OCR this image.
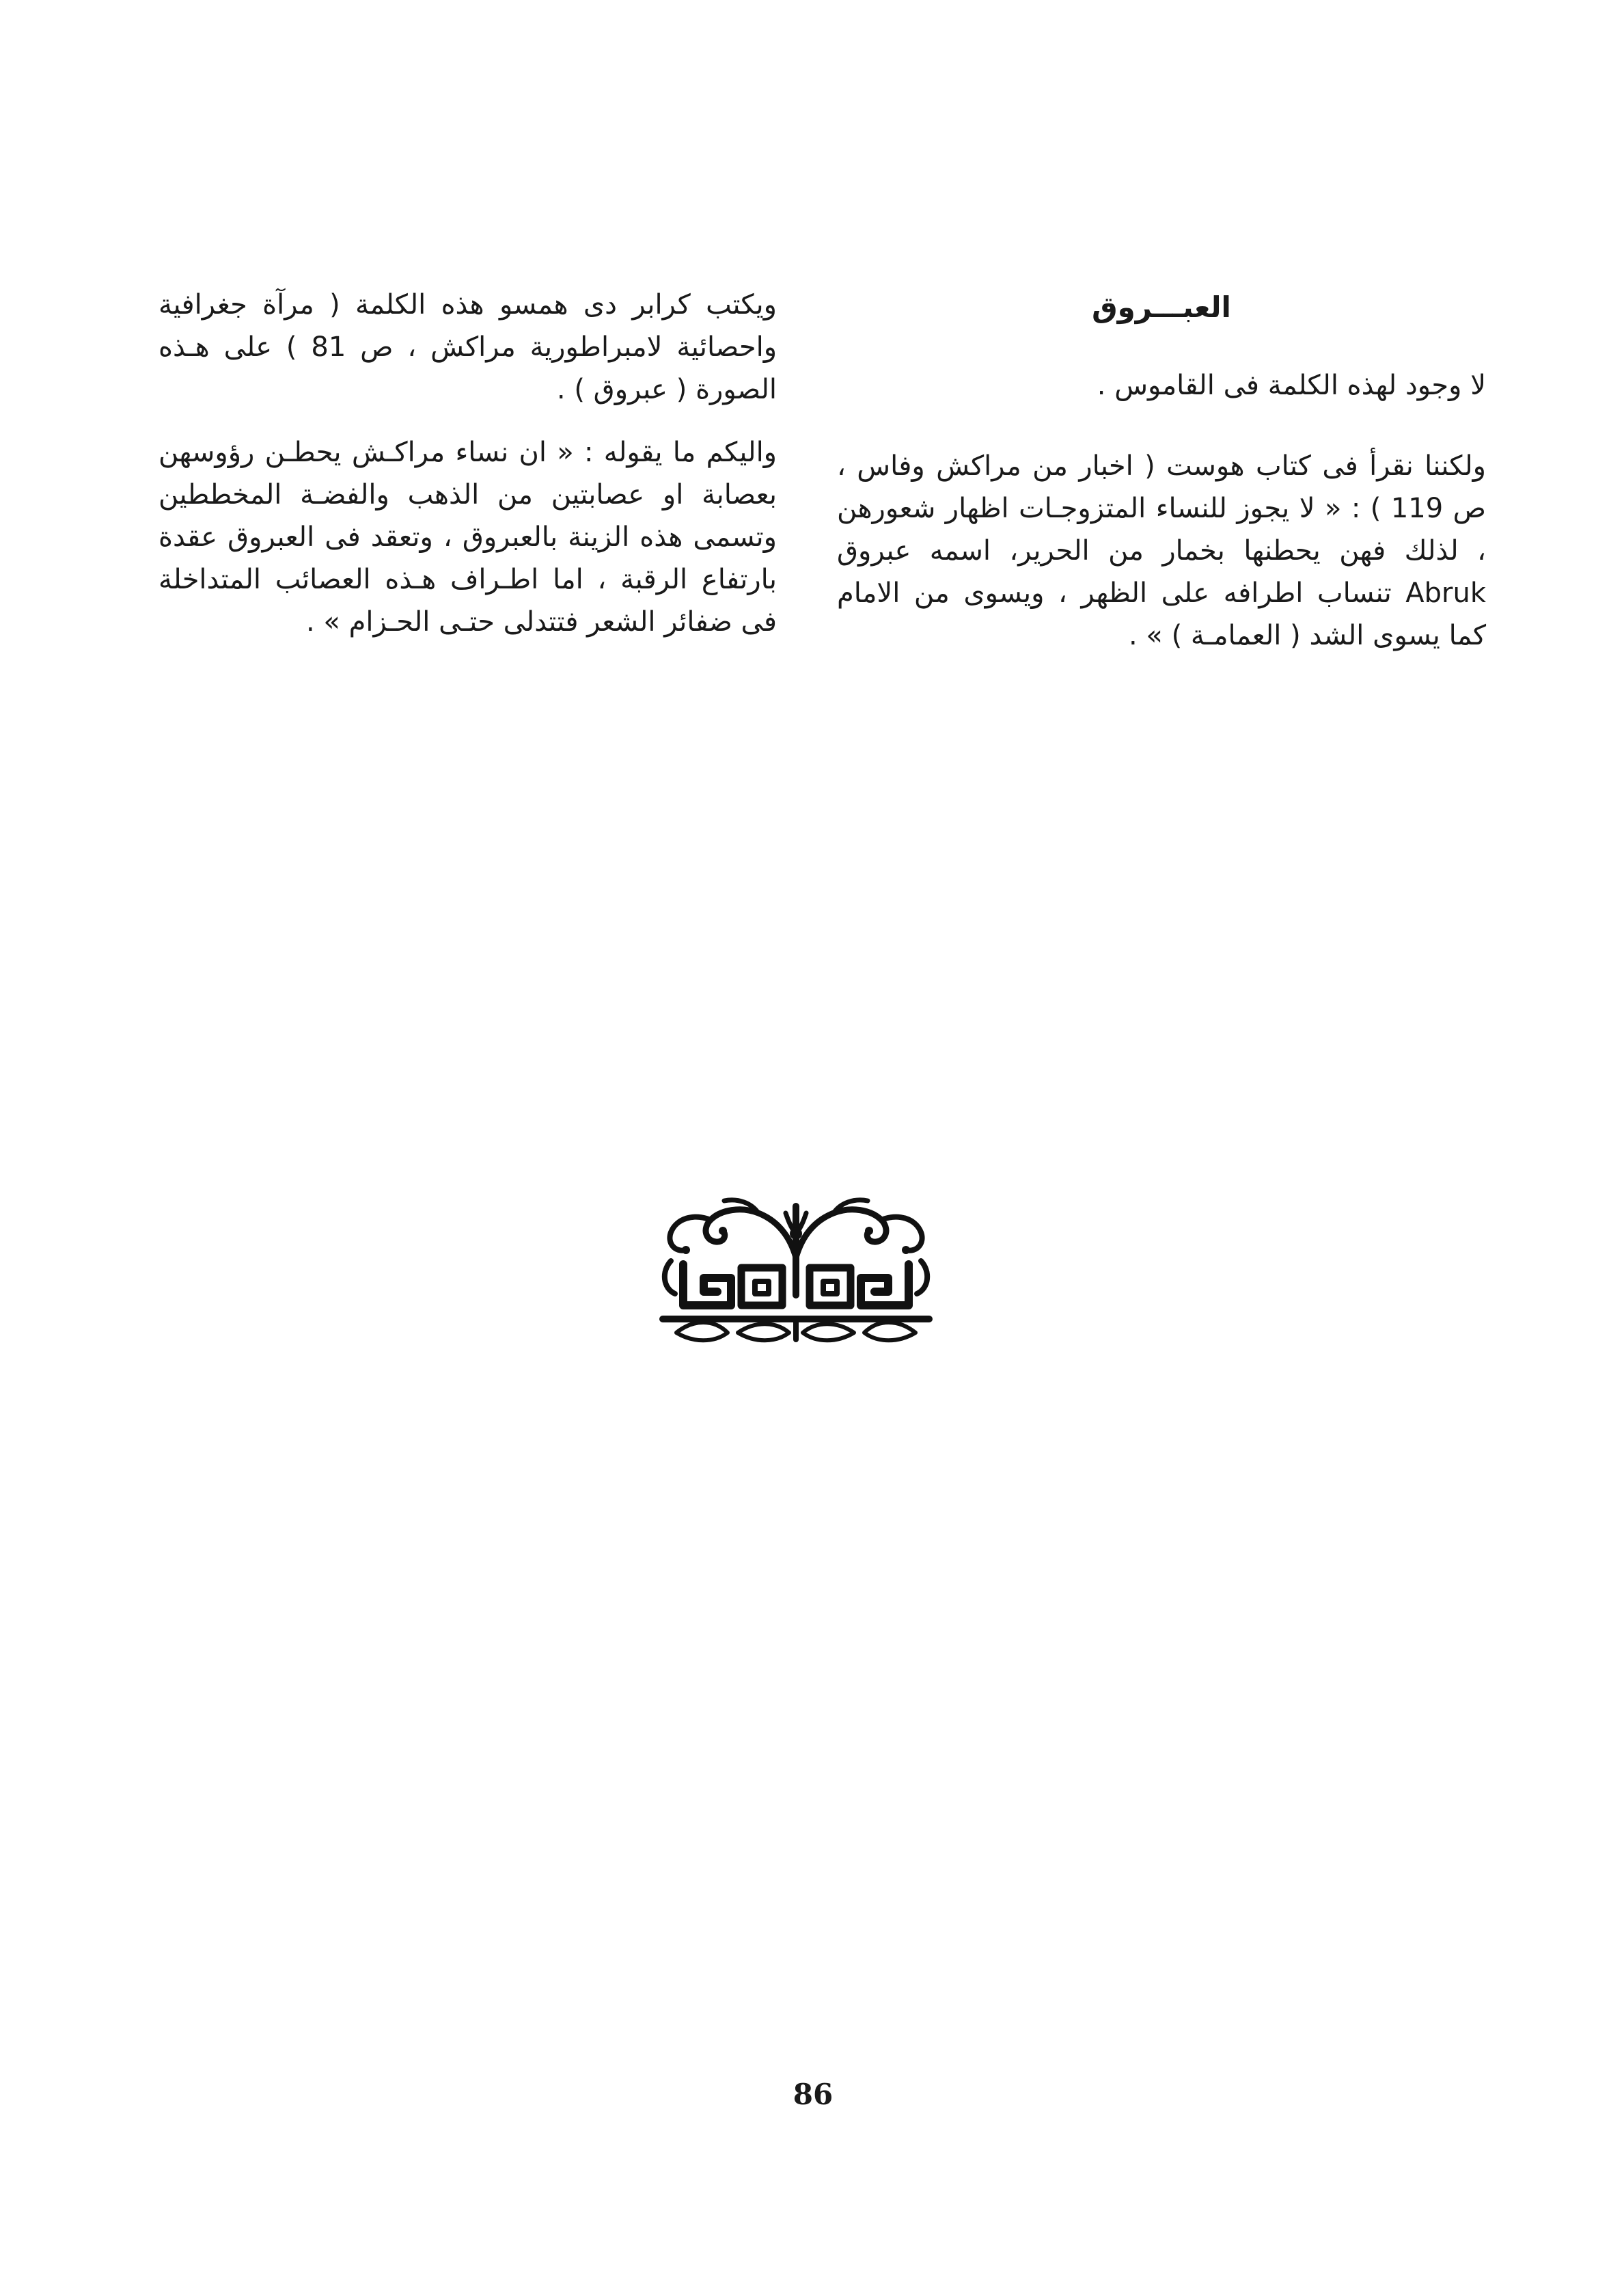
العبـــروق
لا وجود لهذه الكلمة فى القاموس .
ولكننا نقرأ فى كتاب هوست ( اخبار من مراكش وفاس ، ص 119 ) : « لا يجوز للنساء المتزوجـات اظهار شعورهن ، لذلك فهن يحطنها بخمار من الحرير، اسمه عبروق Abruk تنساب اطرافه على الظهر ، ويسوى من الامام كما يسوى الشد ( العمامـة ) » .
ويكتب كرابر دى همسو هذه الكلمة ( مرآة جغرافية واحصائية لامبراطورية مراكش ، ص 81 ) على هـذه الصورة ( عبروق ) .
واليكم ما يقوله : « ان نساء مراكـش يحطـن رؤوسهن بعصابة او عصابتين من الذهب والفضـة المخططين وتسمى هذه الزينة بالعبروق ، وتعقد فى العبروق عقدة بارتفاع الرقبة ، اما اطـراف هـذه العصائب المتداخلة فى ضفائر الشعر فتتدلى حتـى الحـزام » .
86
